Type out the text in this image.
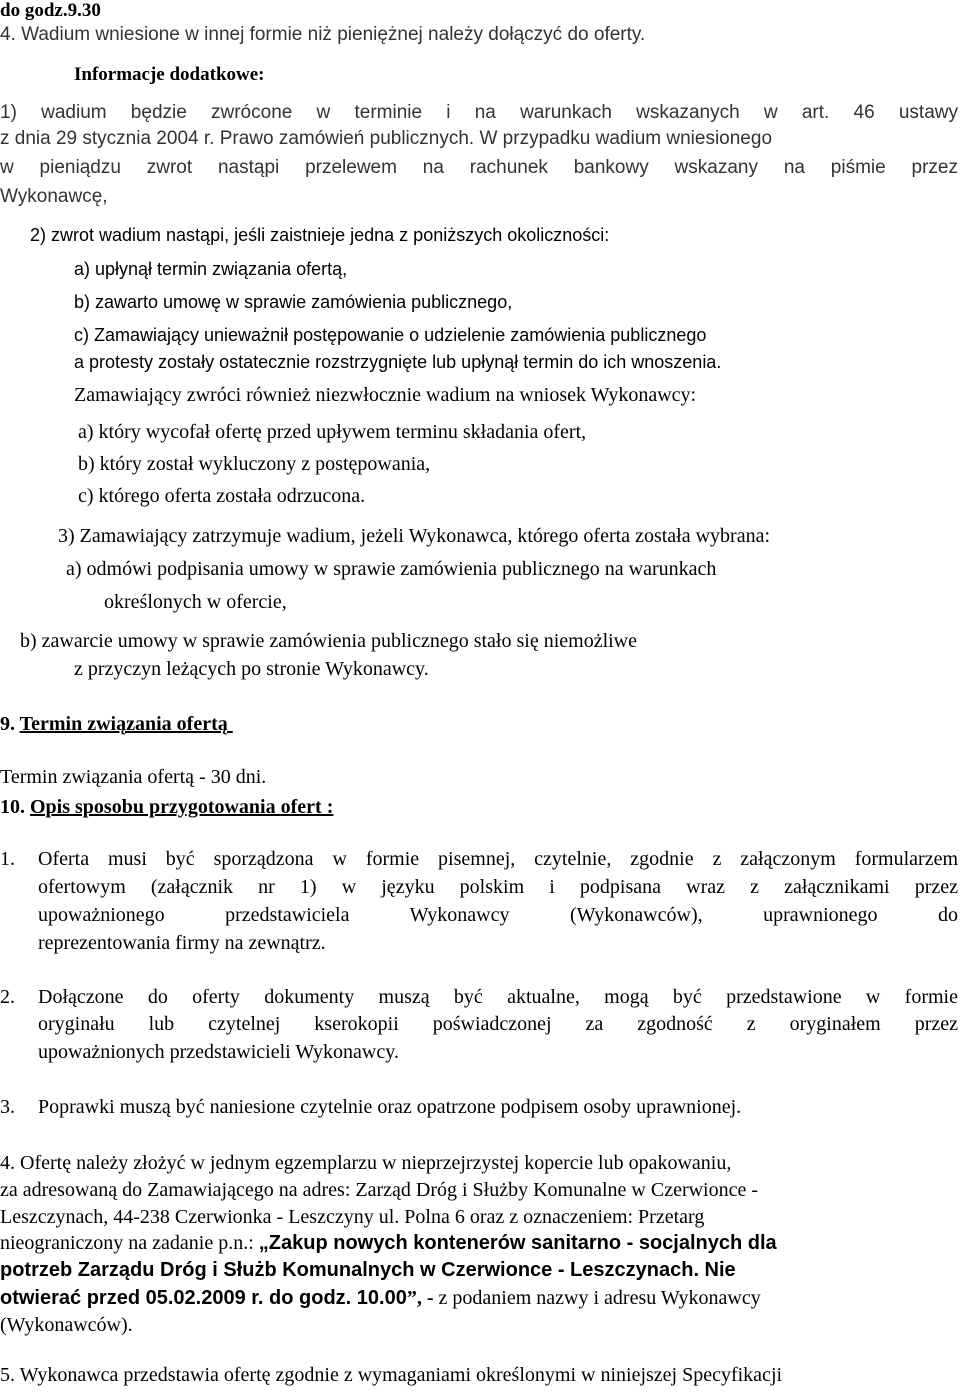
do godz.9.30
4. Wadium wniesione w innej formie niż pieniężnej należy dołączyć do oferty.
Informacje dodatkowe:
1) wadium będzie zwrócone w terminie i na warunkach wskazanych w art. 46 ustawy
z dnia 29 stycznia 2004 r. Prawo zamówień publicznych. W przypadku wadium wniesionego
w pieniądzu zwrot nastąpi przelewem na rachunek bankowy wskazany na piśmie przez
Wykonawcę,
2) zwrot wadium nastąpi, jeśli zaistnieje jedna z poniższych okoliczności:
a) upłynął termin związania ofertą,
b) zawarto umowę w sprawie zamówienia publicznego,
c) Zamawiający unieważnił postępowanie o udzielenie zamówienia publicznego
a protesty zostały ostatecznie rozstrzygnięte lub upłynął termin do ich wnoszenia.
Zamawiający zwróci również niezwłocznie wadium na wniosek Wykonawcy:
a) który wycofał ofertę przed upływem terminu składania ofert,
b) który został wykluczony z postępowania,
c) którego oferta została odrzucona.
3) Zamawiający zatrzymuje wadium, jeżeli Wykonawca, którego oferta została wybrana:
a) odmówi podpisania umowy w sprawie zamówienia publicznego na warunkach
określonych w ofercie,
b) zawarcie umowy w sprawie zamówienia publicznego stało się niemożliwe
z przyczyn leżących po stronie Wykonawcy.
9. Termin związania ofertą
Termin związania ofertą - 30 dni.
10. Opis sposobu przygotowania ofert :
1. Oferta musi być sporządzona w formie pisemnej, czytelnie, zgodnie z załączonym formularzem
ofertowym (załącznik nr 1) w języku polskim i podpisana wraz z załącznikami przez
upoważnionego przedstawiciela Wykonawcy (Wykonawców), uprawnionego do
reprezentowania firmy na zewnątrz.
2. Dołączone do oferty dokumenty muszą być aktualne, mogą być przedstawione w formie
oryginału lub czytelnej kserokopii poświadczonej za zgodność z oryginałem przez
upoważnionych przedstawicieli Wykonawcy.
3. Poprawki muszą być naniesione czytelnie oraz opatrzone podpisem osoby uprawnionej.
4. Ofertę należy złożyć w jednym egzemplarzu w nieprzejrzystej kopercie lub opakowaniu,
za adresowaną do Zamawiającego na adres: Zarząd Dróg i Służby Komunalne w Czerwionce -
Leszczynach, 44-238 Czerwionka - Leszczyny ul. Polna 6 oraz z oznaczeniem: Przetarg
nieograniczony na zadanie p.n.: „Zakup nowych kontenerów sanitarno - socjalnych dla
potrzeb Zarządu Dróg i Służb Komunalnych w Czerwionce - Leszczynach. Nie
otwierać przed 05.02.2009 r. do godz. 10.00”, - z podaniem nazwy i adresu Wykonawcy
(Wykonawców).
5. Wykonawca przedstawia ofertę zgodnie z wymaganiami określonymi w niniejszej Specyfikacji
